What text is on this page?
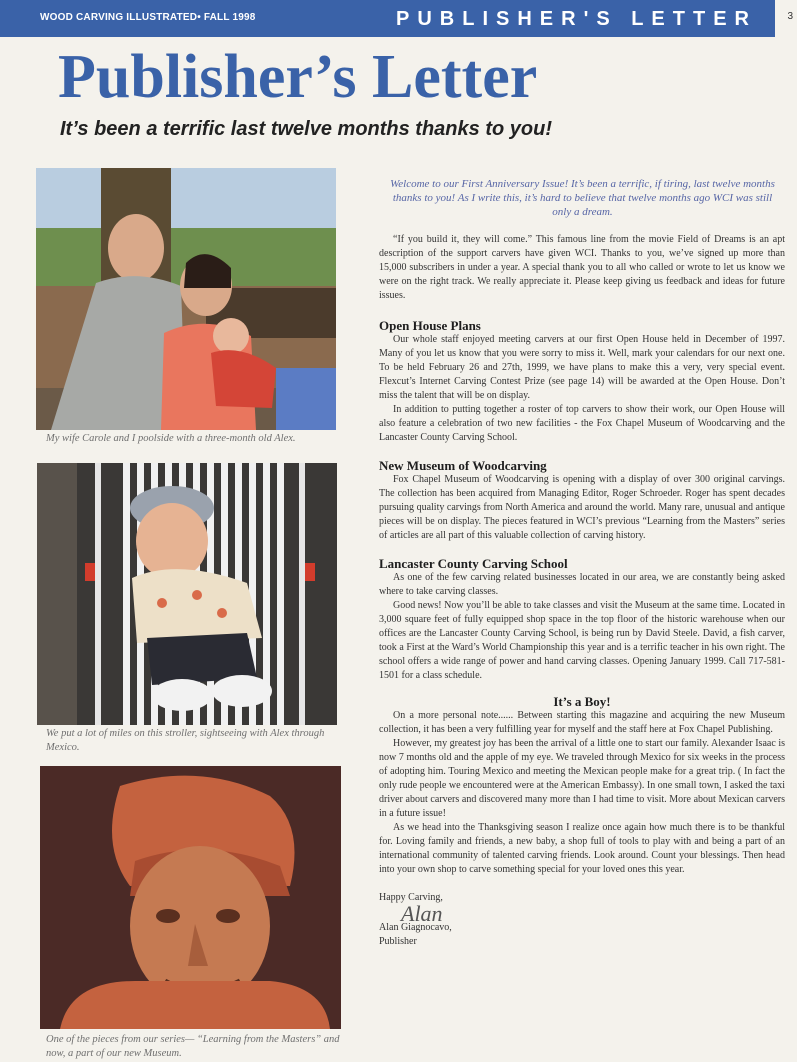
WOOD CARVING ILLUSTRATED• FALL 1998	PUBLISHER'S LETTER	3
Publisher’s Letter
It’s been a terrific last twelve months thanks to you!
My wife Carole and I poolside with a three-month old Alex.
We put a lot of miles on this stroller, sightseeing with Alex through Mexico.
One of the pieces from our series— “Learning from the Masters” and now, a part of our new Museum.
Welcome to our First Anniversary Issue! It’s been a terrific, if tiring, last twelve months thanks to you! As I write this, it’s hard to believe that twelve months ago WCI was still only a dream.

“If you build it, they will come.” This famous line from the movie Field of Dreams is an apt description of the support carvers have given WCI. Thanks to you, we’ve signed up more than 15,000 subscribers in under a year. A special thank you to all who called or wrote to let us know we were on the right track. We really appreciate it. Please keep giving us feedback and ideas for future issues.

Open House Plans

Our whole staff enjoyed meeting carvers at our first Open House held in December of 1997. Many of you let us know that you were sorry to miss it. Well, mark your calendars for our next one. To be held February 26 and 27th, 1999, we have plans to make this a very, very special event. Flexcut’s Internet Carving Contest Prize (see page 14) will be awarded at the Open House. Don’t miss the talent that will be on display.

In addition to putting together a roster of top carvers to show their work, our Open House will also feature a celebration of two new facilities - the Fox Chapel Museum of Woodcarving and the Lancaster County Carving School.

New Museum of Woodcarving

Fox Chapel Museum of Woodcarving is opening with a display of over 300 original carvings. The collection has been acquired from Managing Editor, Roger Schroeder. Roger has spent decades pursuing quality carvings from North America and around the world. Many rare, unusual and antique pieces will be on display. The pieces featured in WCI’s previous “Learning from the Masters” series of articles are all part of this valuable collection of carving history.

Lancaster County Carving School

As one of the few carving related businesses located in our area, we are constantly being asked where to take carving classes.

Good news! Now you’ll be able to take classes and visit the Museum at the same time. Located in 3,000 square feet of fully equipped shop space in the top floor of the historic warehouse when our offices are the Lancaster County Carving School, is being run by David Steele. David, a fish carver, took a First at the Ward’s World Championship this year and is a terrific teacher in his own right. The school offers a wide range of power and hand carving classes. Opening January 1999. Call 717-581-1501 for a class schedule.

It’s a Boy!

On a more personal note...... Between starting this magazine and acquiring the new Museum collection, it has been a very fulfilling year for myself and the staff here at Fox Chapel Publishing.

However, my greatest joy has been the arrival of a little one to start our family. Alexander Isaac is now 7 months old and the apple of my eye. We traveled through Mexico for six weeks in the process of adopting him. Touring Mexico and meeting the Mexican people make for a great trip. ( In fact the only rude people we encountered were at the American Embassy). In one small town, I asked the taxi driver about carvers and discovered many more than I had time to visit. More about Mexican carvers in a future issue!

As we head into the Thanksgiving season I realize once again how much there is to be thankful for. Loving family and friends, a new baby, a shop full of tools to play with and being a part of an international community of talented carving friends. Look around. Count your blessings. Then head into your own shop to carve something special for your loved ones this year.

Happy Carving,
Alan
Alan Giagnocavo,
Publisher
